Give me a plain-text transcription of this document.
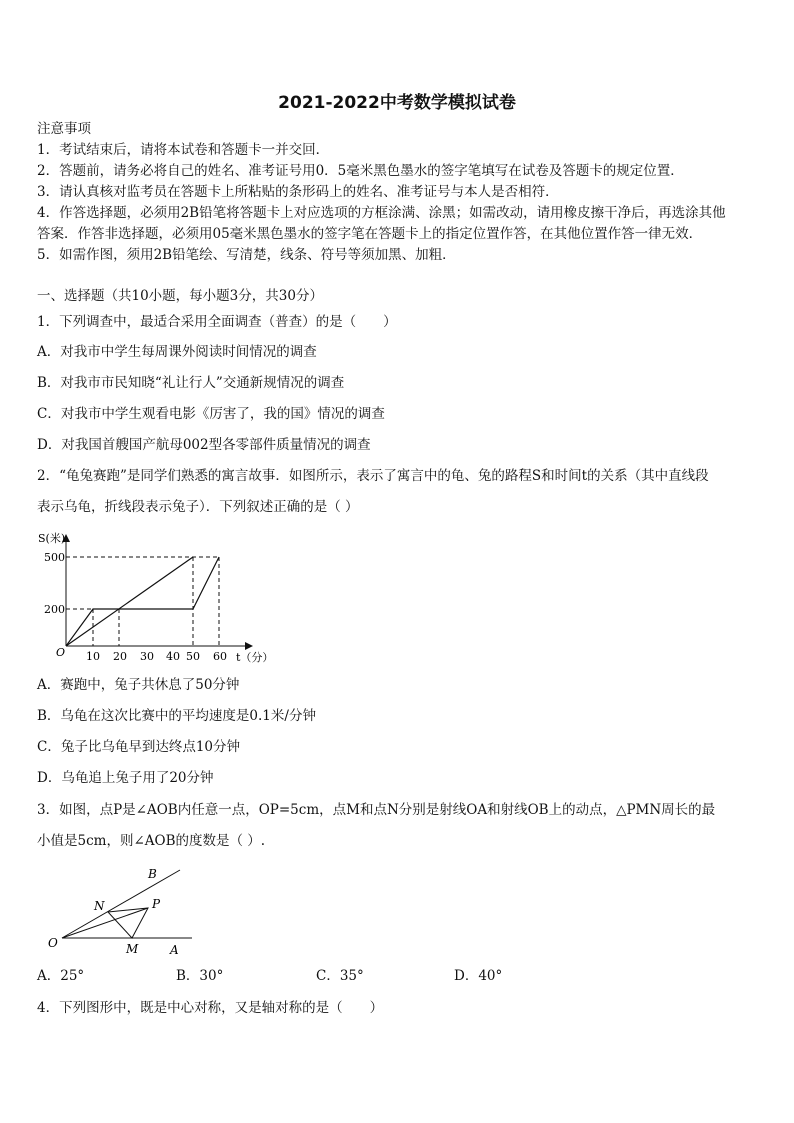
2021-2022中考数学模拟试卷
注意事项
1．考试结束后，请将本试卷和答题卡一并交回．
2．答题前，请务必将自己的姓名、准考证号用0．5毫米黑色墨水的签字笔填写在试卷及答题卡的规定位置．
3．请认真核对监考员在答题卡上所粘贴的条形码上的姓名、准考证号与本人是否相符．
4．作答选择题，必须用2B铅笔将答题卡上对应选项的方框涂满、涂黑；如需改动，请用橡皮擦干净后，再选涂其他
答案．作答非选择题，必须用05毫米黑色墨水的签字笔在答题卡上的指定位置作答，在其他位置作答一律无效．
5．如需作图，须用2B铅笔绘、写清楚，线条、符号等须加黑、加粗．
一、选择题（共10小题，每小题3分，共30分）
1．下列调查中，最适合采用全面调查（普查）的是（　　）
A．对我市中学生每周课外阅读时间情况的调查
B．对我市市民知晓“礼让行人”交通新规情况的调查
C．对我市中学生观看电影《厉害了，我的国》情况的调查
D．对我国首艘国产航母002型各零部件质量情况的调查
2．“龟兔赛跑”是同学们熟悉的寓言故事．如图所示，表示了寓言中的龟、兔的路程S和时间t的关系（其中直线段
表示乌龟，折线段表示兔子）．下列叙述正确的是（ ）
S(米)
t（分）
O
500
200
10 20 30 40 50 60
A．赛跑中，兔子共休息了50分钟
B．乌龟在这次比赛中的平均速度是0.1米/分钟
C．兔子比乌龟早到达终点10分钟
D．乌龟追上兔子用了20分钟
3．如图，点P是∠AOB内任意一点，OP=5cm，点M和点N分别是射线OA和射线OB上的动点，△PMN周长的最
小值是5cm，则∠AOB的度数是（ ）.
O	A
B
N	P
M
A．25°	B．30°	C．35°	D．40°
4．下列图形中，既是中心对称，又是轴对称的是（　　）
